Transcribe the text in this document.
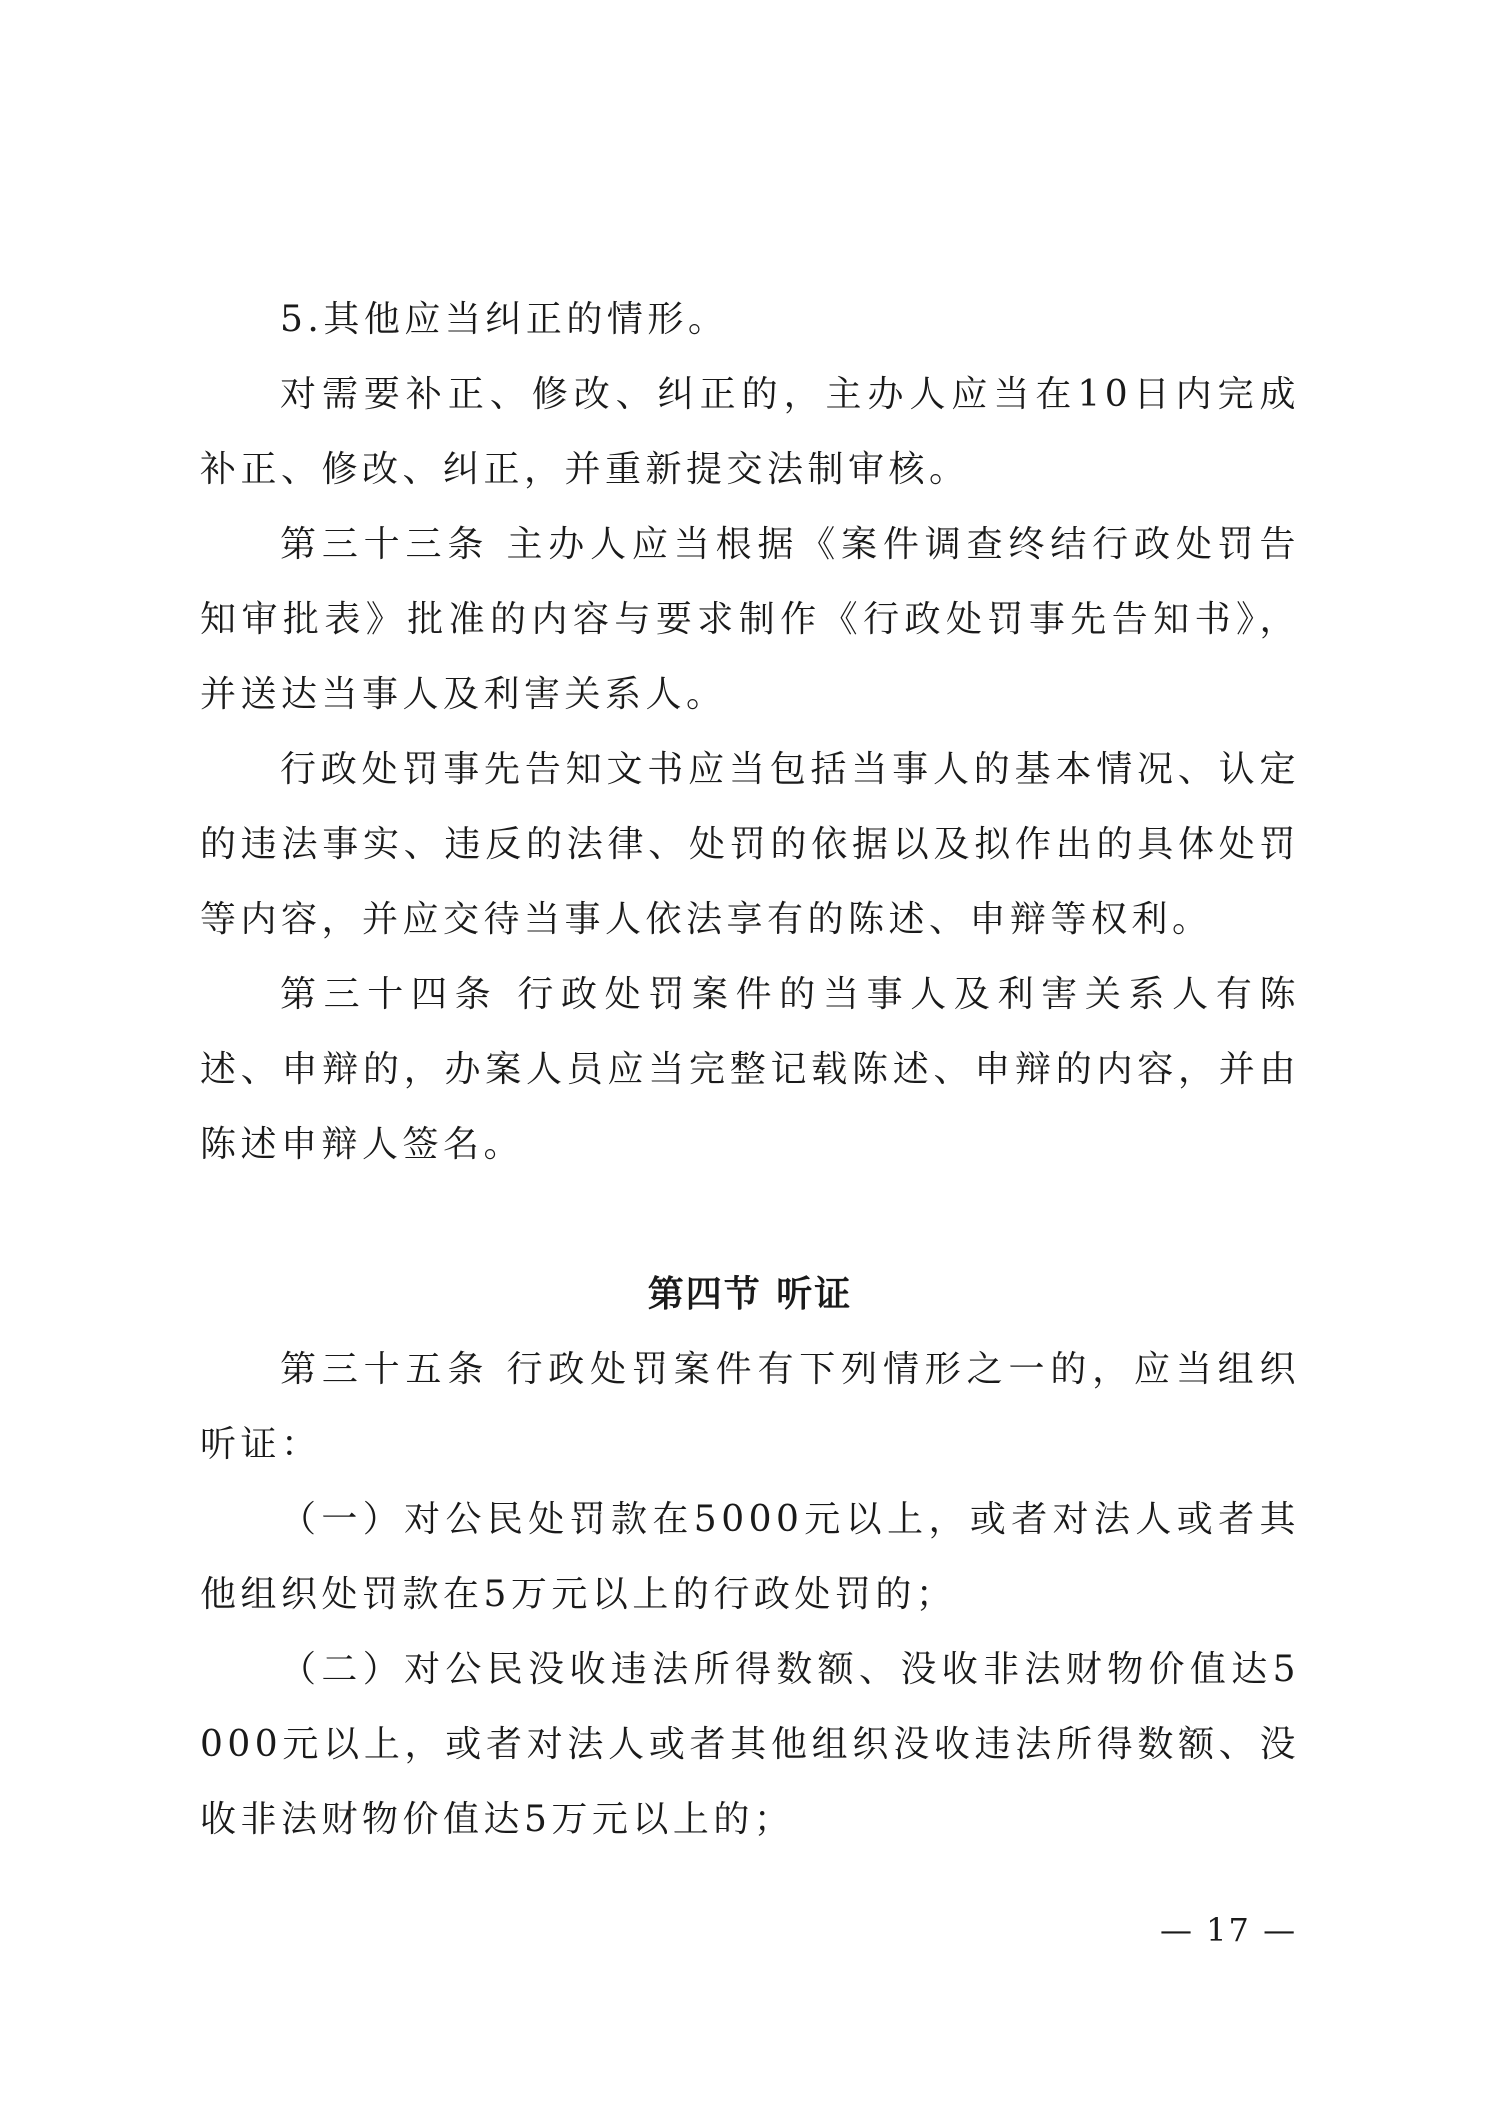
5.其他应当纠正的情形。

对需要补正、修改、纠正的，主办人应当在10日内完成补正、修改、纠正，并重新提交法制审核。

第三十三条 主办人应当根据《案件调查终结行政处罚告知审批表》批准的内容与要求制作《行政处罚事先告知书》，并送达当事人及利害关系人。

行政处罚事先告知文书应当包括当事人的基本情况、认定的违法事实、违反的法律、处罚的依据以及拟作出的具体处罚等内容，并应交待当事人依法享有的陈述、申辩等权利。

第三十四条 行政处罚案件的当事人及利害关系人有陈述、申辩的，办案人员应当完整记载陈述、申辩的内容，并由陈述申辩人签名。

第四节 听证

第三十五条 行政处罚案件有下列情形之一的，应当组织听证：

（一）对公民处罚款在5000元以上，或者对法人或者其他组织处罚款在5万元以上的行政处罚的；

（二）对公民没收违法所得数额、没收非法财物价值达5000元以上，或者对法人或者其他组织没收违法所得数额、没收非法财物价值达5万元以上的；

— 17 —
